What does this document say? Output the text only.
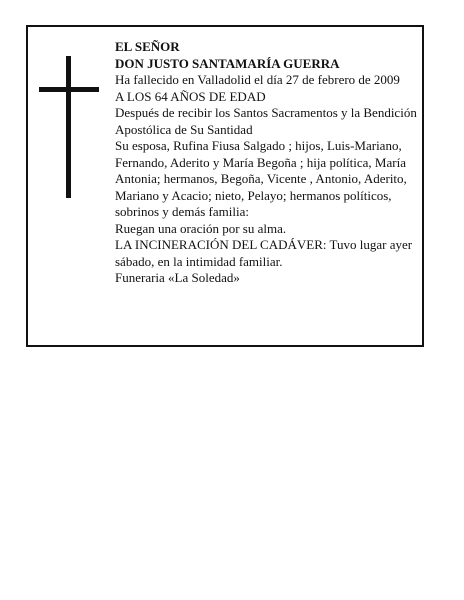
EL SEÑOR

DON JUSTO SANTAMARÍA GUERRA

Ha fallecido en Valladolid el día 27 de febrero de 2009

A LOS 64 AÑOS DE EDAD

Después de recibir los Santos Sacramentos y la Bendición Apostólica de Su Santidad

Su esposa, Rufina Fiusa Salgado ; hijos, Luis-Mariano, Fernando, Aderito y María Begoña ; hija política, María Antonia; hermanos, Begoña, Vicente , Antonio, Aderito, Mariano y Acacio; nieto, Pelayo; hermanos políticos, sobrinos y demás familia:

Ruegan una oración por su alma.

LA INCINERACIÓN DEL CADÁVER: Tuvo lugar ayer sábado, en la intimidad familiar.

Funeraria «La Soledad»
